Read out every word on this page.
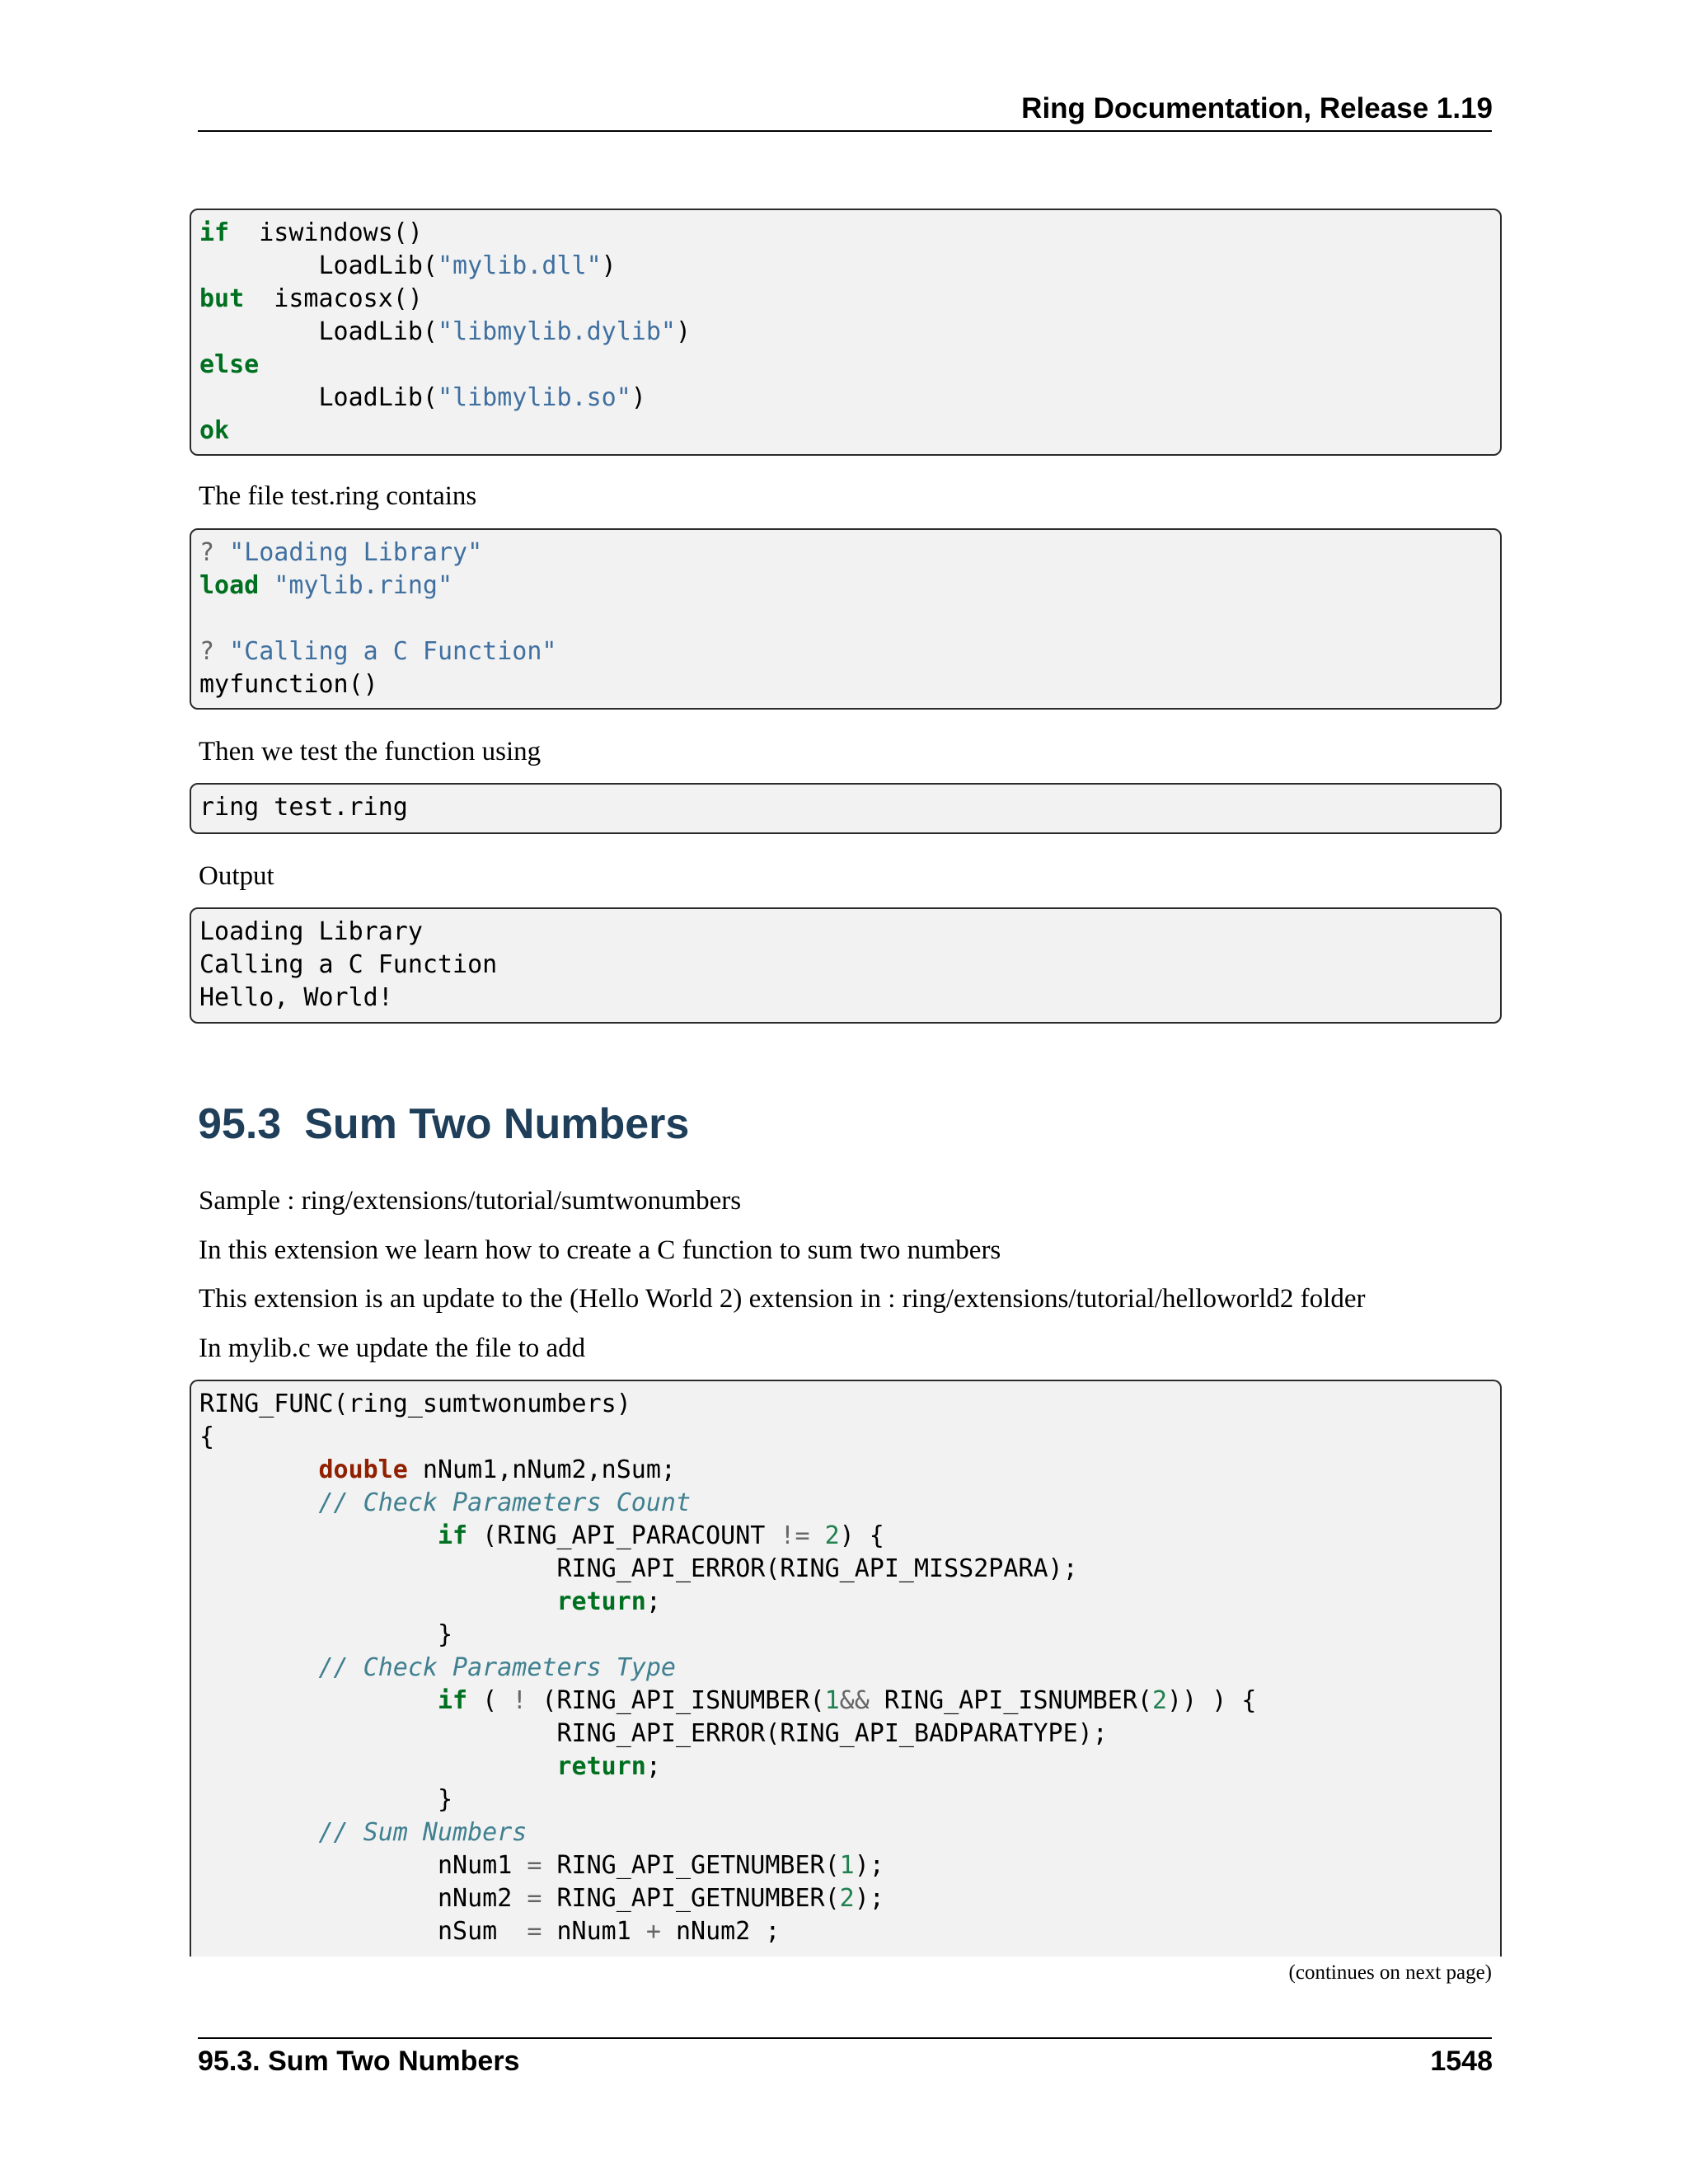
Ring Documentation, Release 1.19
if  iswindows()
LoadLib("mylib.dll")
but  ismacosx()
LoadLib("libmylib.dylib")
else
LoadLib("libmylib.so")
ok
The file test.ring contains
? "Loading Library"
load "mylib.ring"
? "Calling a C Function"
myfunction()
Then we test the function using
ring test.ring
Output
Loading Library
Calling a C Function
Hello, World!
95.3 Sum Two Numbers
Sample : ring/extensions/tutorial/sumtwonumbers
In this extension we learn how to create a C function to sum two numbers
This extension is an update to the (Hello World 2) extension in : ring/extensions/tutorial/helloworld2 folder
In mylib.c we update the file to add
RING_FUNC(ring_sumtwonumbers)
{
double nNum1,nNum2,nSum;
// Check Parameters Count
if (RING_API_PARACOUNT != 2) {
RING_API_ERROR(RING_API_MISS2PARA);
return;
}
// Check Parameters Type
if ( ! (RING_API_ISNUMBER(1&& RING_API_ISNUMBER(2)) ) {
RING_API_ERROR(RING_API_BADPARATYPE);
return;
}
// Sum Numbers
nNum1 = RING_API_GETNUMBER(1);
nNum2 = RING_API_GETNUMBER(2);
nSum  = nNum1 + nNum2 ;
(continues on next page)
95.3. Sum Two Numbers	1548
